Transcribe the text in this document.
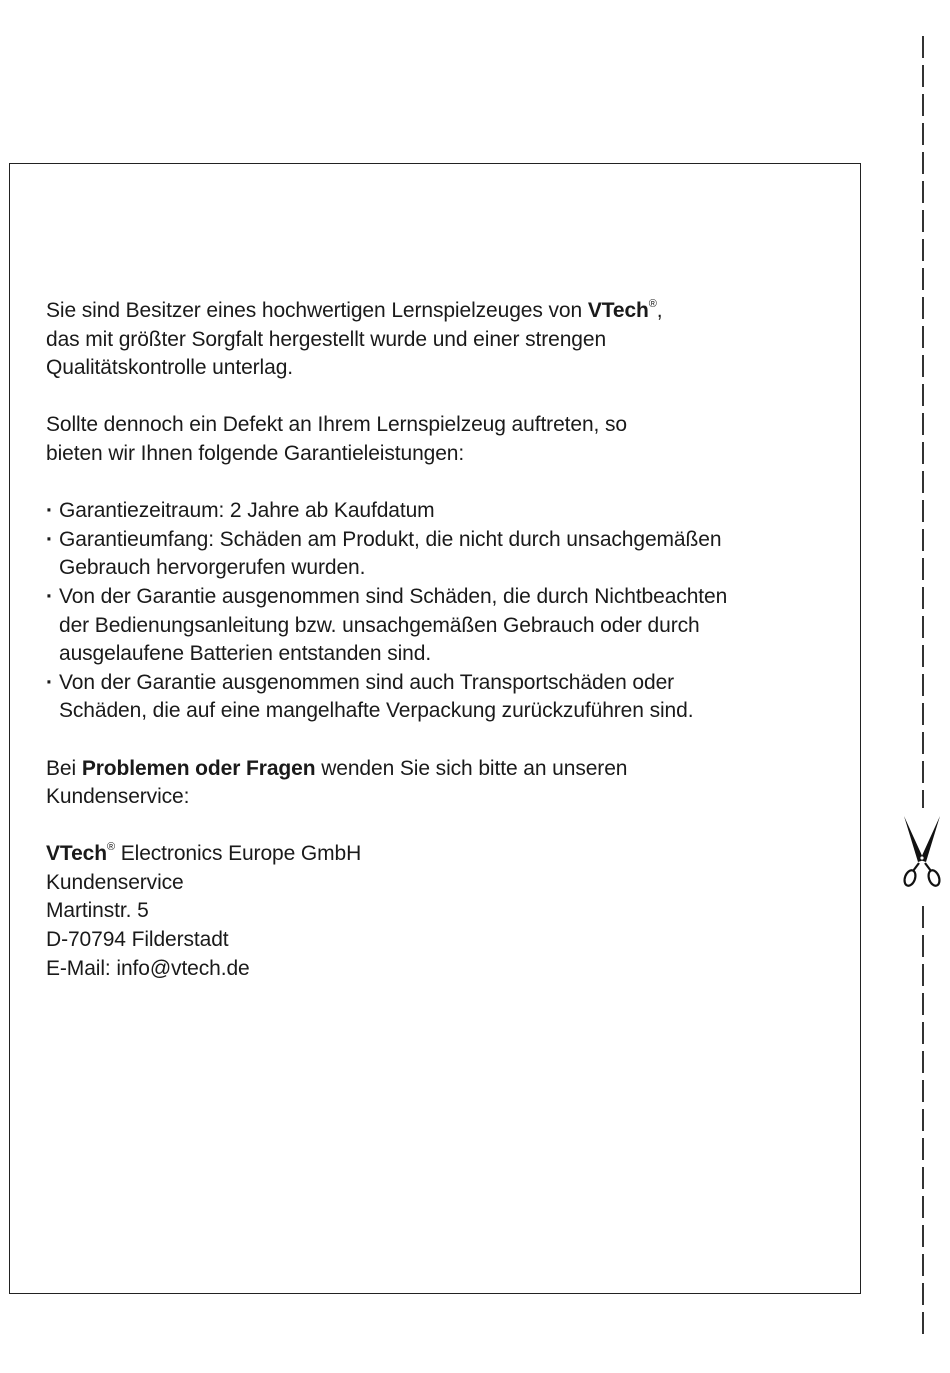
Sie sind Besitzer eines hochwertigen Lernspielzeuges von VTech®,
das mit größter Sorgfalt hergestellt wurde und einer strengen
Qualitätskontrolle unterlag.

Sollte dennoch ein Defekt an Ihrem Lernspielzeug auftreten, so
bieten wir Ihnen folgende Garantieleistungen:

· Garantiezeitraum: 2 Jahre ab Kaufdatum
· Garantieumfang: Schäden am Produkt, die nicht durch unsachgemäßen
Gebrauch hervorgerufen wurden.
· Von der Garantie ausgenommen sind Schäden, die durch Nichtbeachten
der Bedienungsanleitung bzw. unsachgemäßen Gebrauch oder durch
ausgelaufene Batterien entstanden sind.
· Von der Garantie ausgenommen sind auch Transportschäden oder
Schäden, die auf eine mangelhafte Verpackung zurückzuführen sind.

Bei Problemen oder Fragen wenden Sie sich bitte an unseren
Kundenservice:

VTech® Electronics Europe GmbH
Kundenservice
Martinstr. 5
D-70794 Filderstadt
E-Mail: info@vtech.de
